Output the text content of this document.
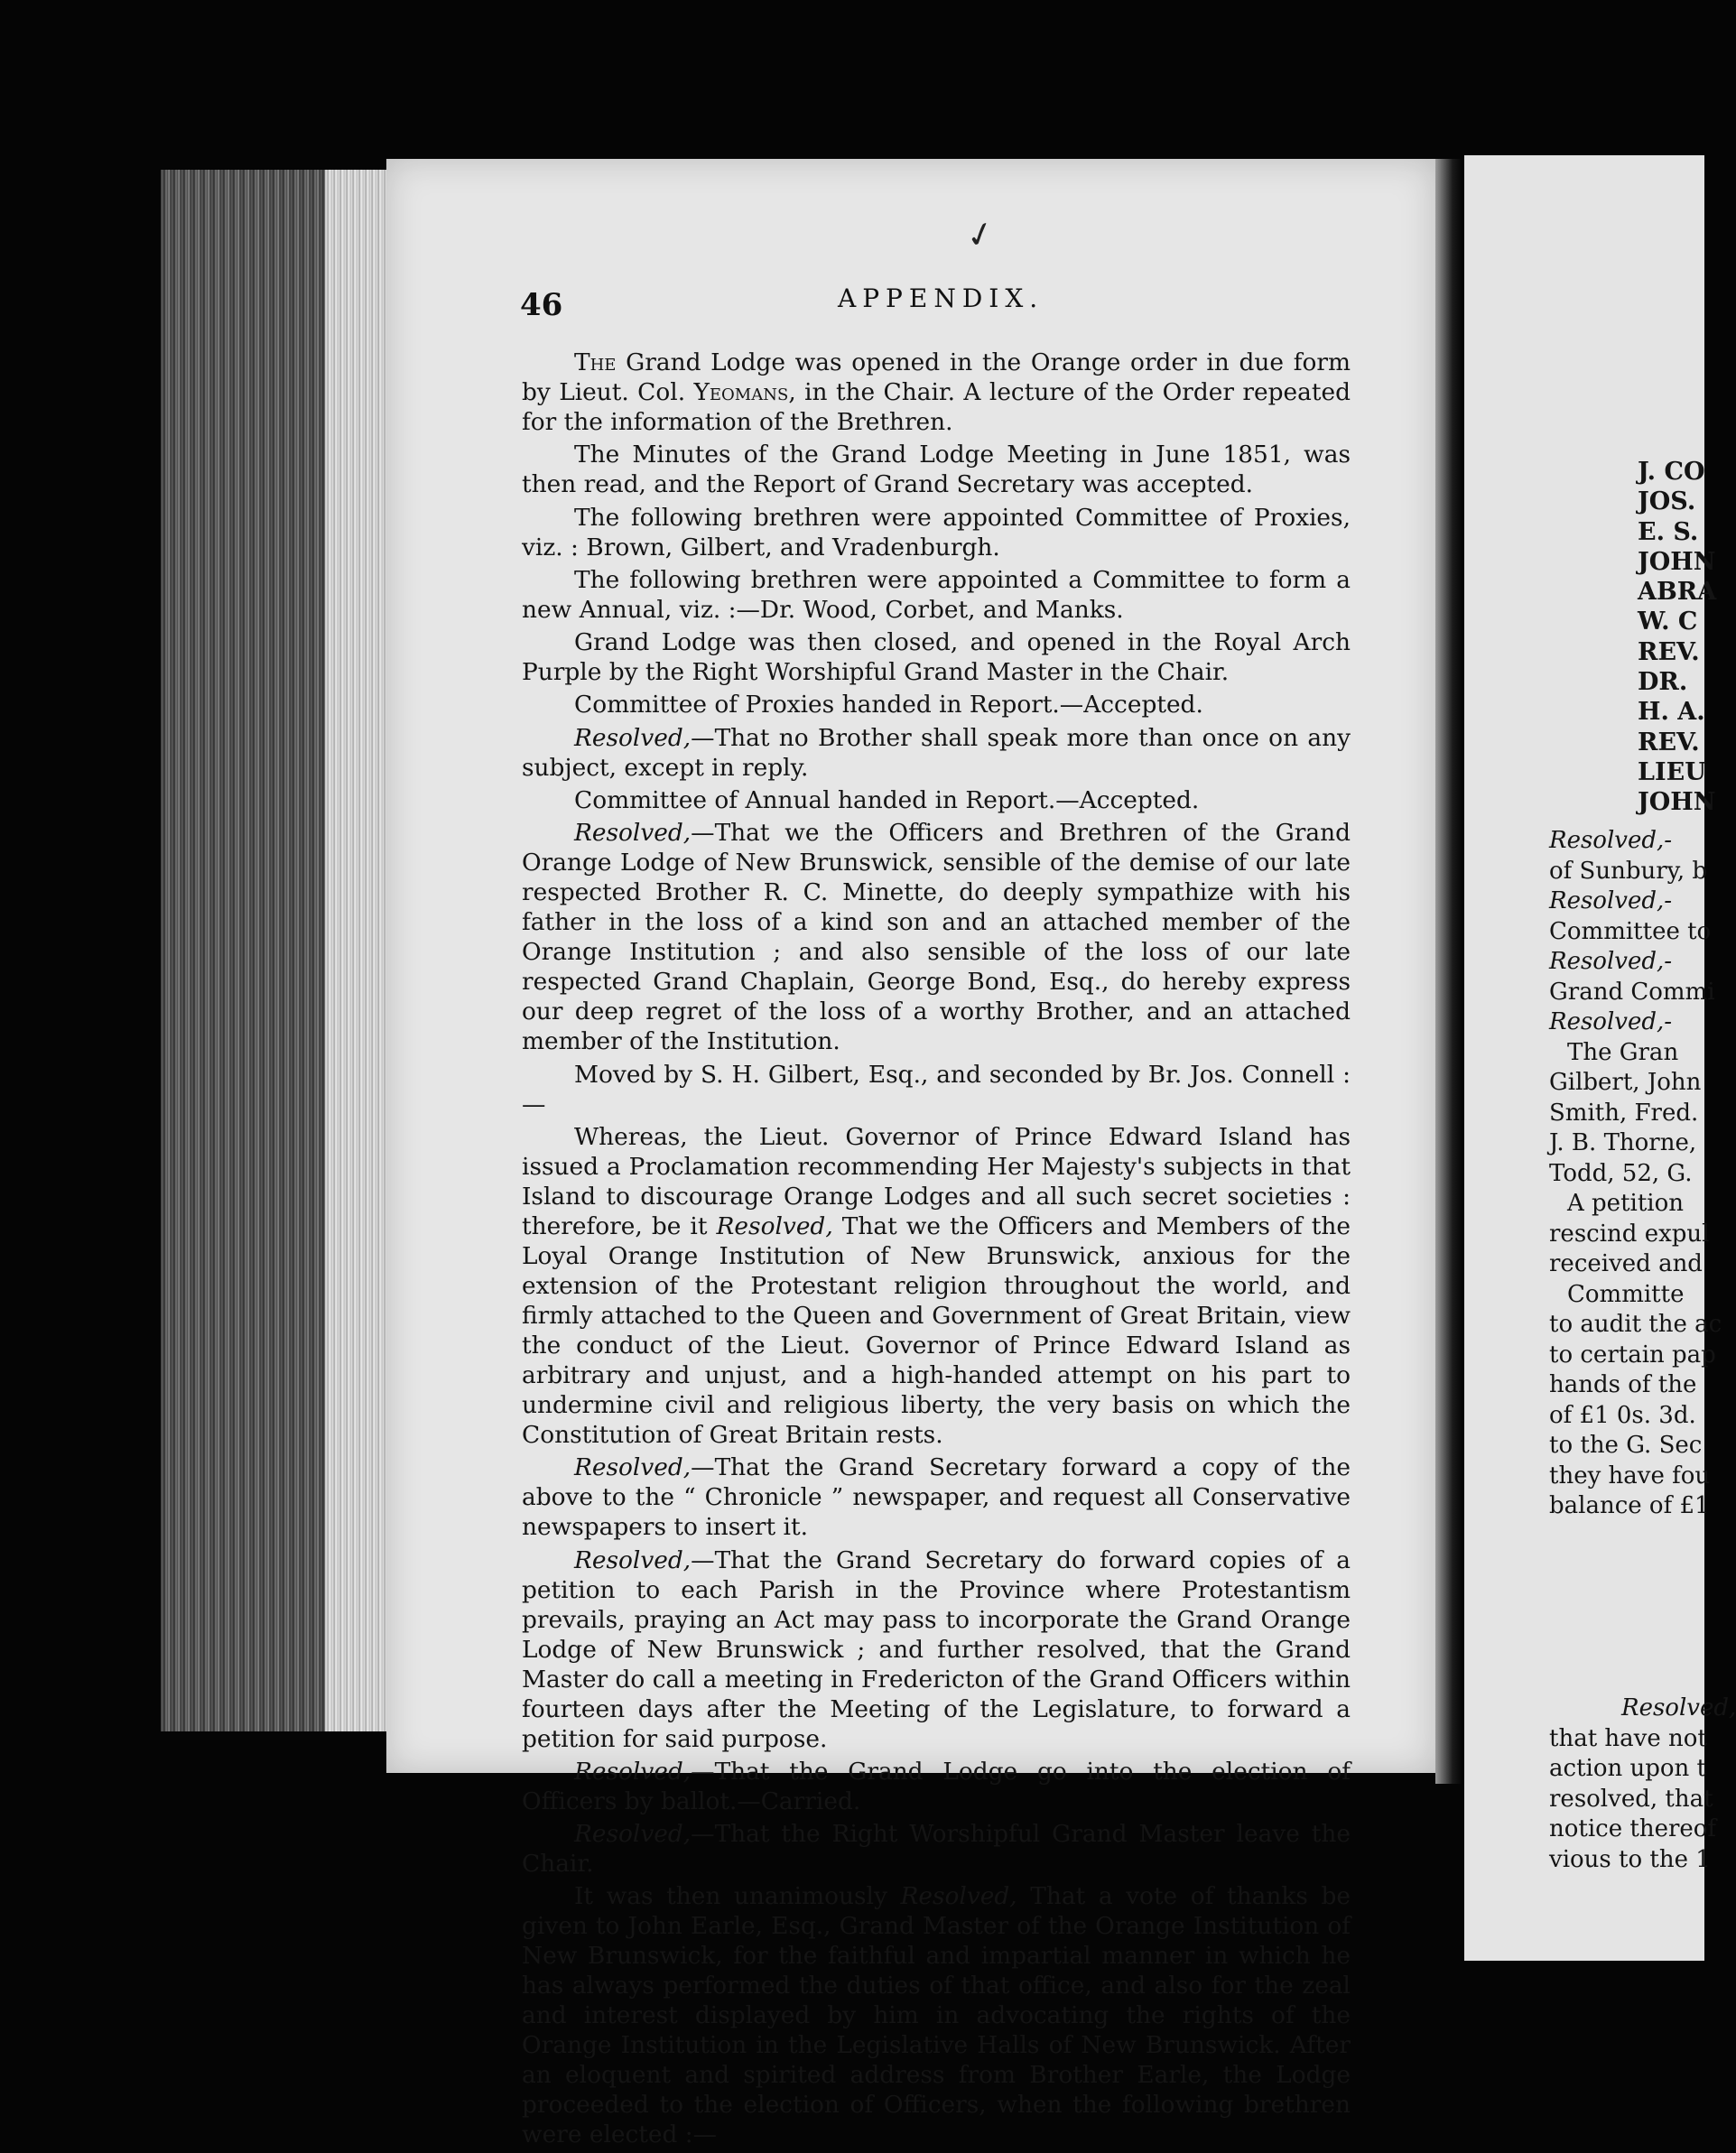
✓
46	APPENDIX.

The Grand Lodge was opened in the Orange order in due form by Lieut. Col. Yeomans, in the Chair. A lecture of the Order repeated for the information of the Brethren.

The Minutes of the Grand Lodge Meeting in June 1851, was then read, and the Report of Grand Secretary was accepted.

The following brethren were appointed Committee of Proxies, viz. : Brown, Gilbert, and Vradenburgh.

The following brethren were appointed a Committee to form a new Annual, viz. :—Dr. Wood, Corbet, and Manks.

Grand Lodge was then closed, and opened in the Royal Arch Purple by the Right Worshipful Grand Master in the Chair.

Committee of Proxies handed in Report.—Accepted.

Resolved,—That no Brother shall speak more than once on any subject, except in reply.

Committee of Annual handed in Report.—Accepted.

Resolved,—That we the Officers and Brethren of the Grand Orange Lodge of New Brunswick, sensible of the demise of our late respected Brother R. C. Minette, do deeply sympathize with his father in the loss of a kind son and an attached member of the Orange Institution ; and also sensible of the loss of our late respected Grand Chaplain, George Bond, Esq., do hereby express our deep regret of the loss of a worthy Brother, and an attached member of the Institution.

Moved by S. H. Gilbert, Esq., and seconded by Br. Jos. Connell :—

Whereas, the Lieut. Governor of Prince Edward Island has issued a Proclamation recommending Her Majesty's subjects in that Island to discourage Orange Lodges and all such secret societies : therefore, be it Resolved, That we the Officers and Members of the Loyal Orange Institution of New Brunswick, anxious for the extension of the Protestant religion throughout the world, and firmly attached to the Queen and Government of Great Britain, view the conduct of the Lieut. Governor of Prince Edward Island as arbitrary and unjust, and a high-handed attempt on his part to undermine civil and religious liberty, the very basis on which the Constitution of Great Britain rests.

Resolved,—That the Grand Secretary forward a copy of the above to the “ Chronicle ” newspaper, and request all Conservative newspapers to insert it.

Resolved,—That the Grand Secretary do forward copies of a petition to each Parish in the Province where Protestantism prevails, praying an Act may pass to incorporate the Grand Orange Lodge of New Brunswick ; and further resolved, that the Grand Master do call a meeting in Fredericton of the Grand Officers within fourteen days after the Meeting of the Legislature, to forward a petition for said purpose.

Resolved,—That the Grand Lodge go into the election of Officers by ballot.—Carried.

Resolved,—That the Right Worshipful Grand Master leave the Chair.

It was then unanimously Resolved, That a vote of thanks be given to John Earle, Esq., Grand Master of the Orange Institution of New Brunswick, for the faithful and impartial manner in which he has always performed the duties of that office, and also for the zeal and interest displayed by him in advocating the rights of the Orange Institution in the Legislative Halls of New Brunswick. After an eloquent and spirited address from Brother Earle, the Lodge proceeded to the election of Officers, when the following brethren were elected :—

J. CO
JOS.
E. S.
JOHN
ABRA
W. C
REV.
DR.
H. A.
REV.
LIEU
JOHN
Resolved,-
of Sunbury, b
Resolved,-
Committee to
Resolved,-
Grand Commi
Resolved,-
The Gran
Gilbert, John
Smith, Fred.
J. B. Thorne,
Todd, 52, G.
A petition
rescind expul
received and
Committe
to audit the ac
to certain pap
hands of the
of £1 0s. 3d.
to the G. Sec
they have fou
balance of £1
Resolved,
that have not
action upon t
resolved, that
notice thereof
vious to the 1
